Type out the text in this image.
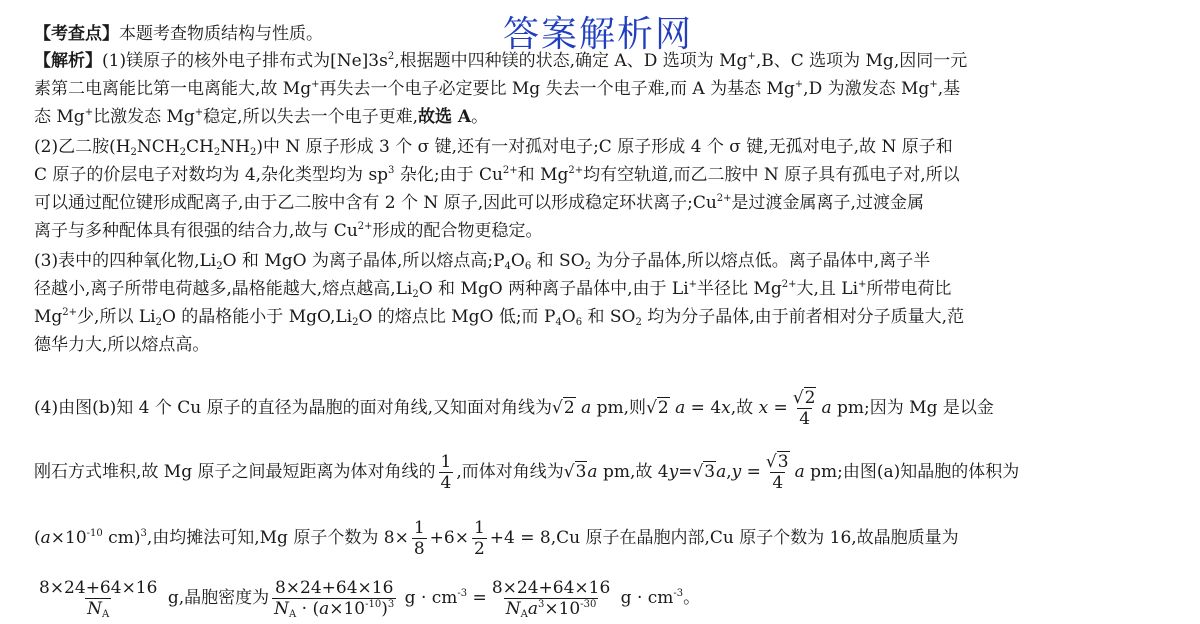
答案解析网
【考查点】本题考查物质结构与性质。
【解析】(1)镁原子的核外电子排布式为$[Ne]3s^2$,根据题中四种镁的状态,确定 A、D 选项为 Mg+,B、C 选项为 Mg,因同一元
素第二电离能比第一电离能大,故 Mg+再失去一个电子必定要比 Mg 失去一个电子难,而 A 为基态 Mg+,D 为激发态 Mg+,基
态 Mg+比激发态 Mg+稳定,所以失去一个电子更难,故选 A。
(2)乙二胺$(H_2NCH_2CH_2NH_2)$中 N 原子形成 3 个 σ 键,还有一对孤对电子;C 原子形成 4 个 σ 键,无孤对电子,故 N 原子和
C 原子的价层电子对数均为 4,杂化类型均为 $sp^3$ 杂化;由于 $Cu^{2+}$和 $Mg^{2+}$均有空轨道,而乙二胺中 N 原子具有孤电子对,所以
可以通过配位键形成配离子,由于乙二胺中含有 2 个 N 原子,因此可以形成稳定环状离子$;Cu^{2+}$是过渡金属离子,过渡金属
离子与多种配体具有很强的结合力,故与 $Cu^{2+}$形成的配合物更稳定。
(3)表中的四种氧化物$,Li_2O$ 和 MgO 为离子晶体,所以熔点高$;P_4O_6$ 和 $SO_2$ 为分子晶体,所以熔点低。离子晶体中,离子半
径越小,离子所带电荷越多,晶格能越大,熔点越高$,Li_2O$ 和 MgO 两种离子晶体中,由于 Li+半径比 $Mg^{2+}$大,且 Li+所带电荷比
$Mg^{2+}$少,所以 $Li_2O$ 的晶格能小于 $MgO,Li_2O$ 的熔点比 MgO 低;而 $P_4O_6$ 和 $SO_2$ 均为分子晶体,由于前者相对分子质量大,范
德华力大,所以熔点高。
(4)由图(b)知 4 个 Cu 原子的直径为晶胞的面对角线,又知面对角线为√2 a pm,则√2 a = 4x,故 $x = \frac{√2}{4}$ a pm;因为 Mg 是以金
刚石方式堆积,故 Mg 原子之间最短距离为体对角线的 $\frac{1}{4}$ ,而体对角线为√3a pm,故 $4y=√3a,y = \frac{√3}{4}$ a pm;由图(a)知晶胞的体积为
($a\times 10^{-10}$ cm)$^3$,由均摊法可知,Mg 原子个数为 $8\times \frac{1}{8} +6\times \frac{1}{2} +4 = 8,Cu$ 原子在晶胞内部,Cu 原子个数为 16,故晶胞质量为
$\frac{8\times 24+64\times 16}{N_A} g$,晶胞密度为 $\frac{8\times 24+64\times 16}{N_A \cdot (a\times 10^{-10})^3}$ $g \cdot cm^{-3} = \frac{8\times 24+64\times 16}{N_Aa^3\times 10^{-30}}$ $g \cdot cm^{-3}$。
